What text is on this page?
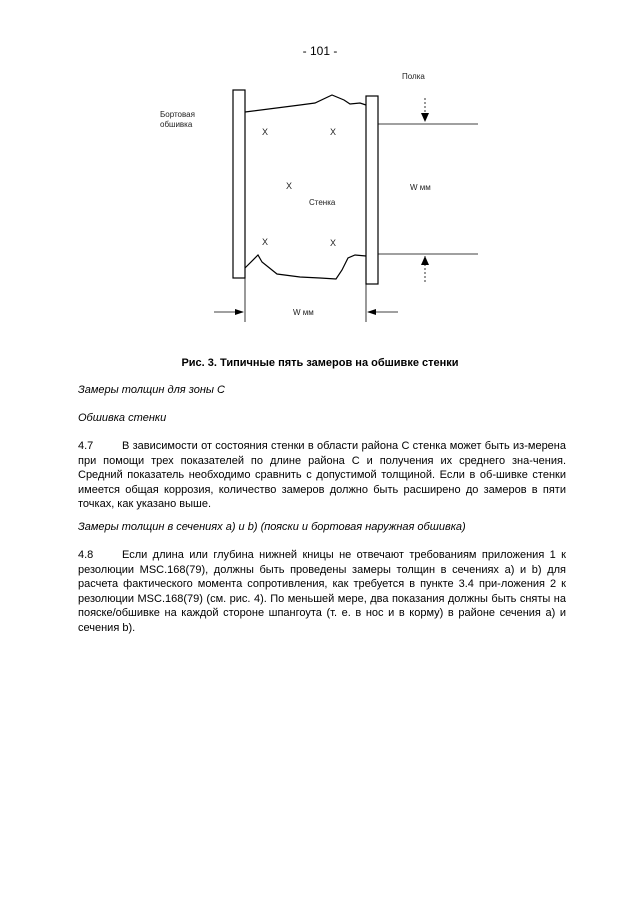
- 101 -
Полка
Бортовая
обшивка
Стенка
W мм
W мм
X	X
X
X	X
Рис. 3. Типичные пять замеров на обшивке стенки
Замеры толщин для зоны C
Обшивка стенки
4.7	В зависимости от состояния стенки в области района C стенка может быть из-мерена при помощи трех показателей по длине района C и получения их среднего зна-чения. Средний показатель необходимо сравнить с допустимой толщиной. Если в об-шивке стенки имеется общая коррозия, количество замеров должно быть расширено до замеров в пяти точках, как указано выше.
Замеры толщин в сечениях a) и b) (пояски и бортовая наружная обшивка)
4.8	Если длина или глубина нижней кницы не отвечают требованиям приложения 1 к резолюции MSC.168(79), должны быть проведены замеры толщин в сечениях a) и b) для расчета фактического момента сопротивления, как требуется в пункте 3.4 при-ложения 2 к резолюции MSC.168(79) (см. рис. 4). По меньшей мере, два показания должны быть сняты на пояске/обшивке на каждой стороне шпангоута (т. е. в нос и в корму) в районе сечения a) и сечения b).
